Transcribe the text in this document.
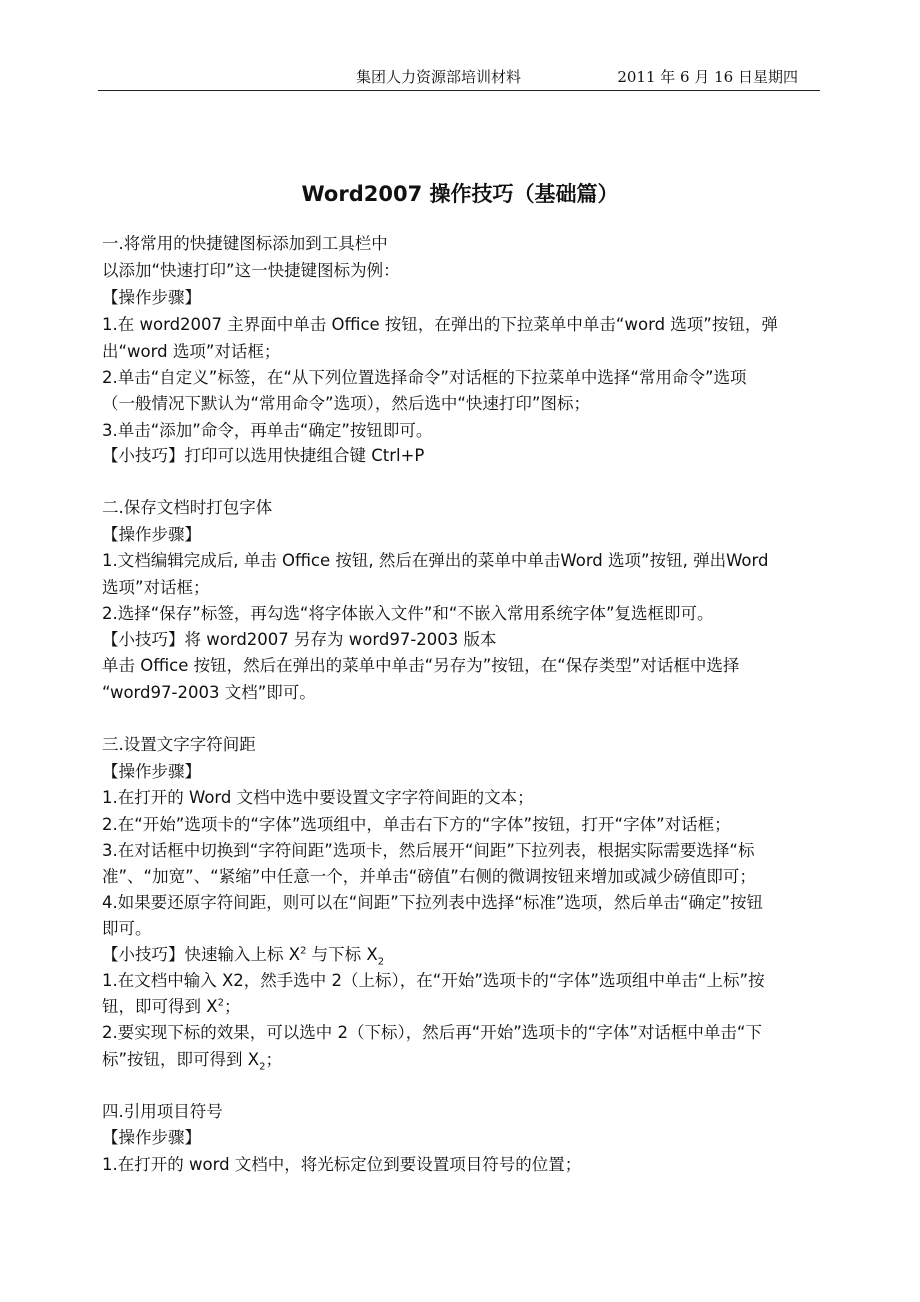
集团人力资源部培训材料	2011 年 6 月 16 日星期四
Word2007 操作技巧（基础篇）
一.将常用的快捷键图标添加到工具栏中
以添加“快速打印”这一快捷键图标为例：
【操作步骤】
1.在 word2007 主界面中单击 Office 按钮，在弹出的下拉菜单中单击“word 选项”按钮，弹
出“word 选项”对话框；
2.单击“自定义”标签，在“从下列位置选择命令”对话框的下拉菜单中选择“常用命令”选项
（一般情况下默认为“常用命令”选项），然后选中“快速打印”图标；
3.单击“添加”命令，再单击“确定”按钮即可。
【小技巧】打印可以选用快捷组合键 Ctrl+P
二.保存文档时打包字体
【操作步骤】
1.文档编辑完成后, 单击 Office 按钮, 然后在弹出的菜单中单击Word 选项”按钮, 弹出Word
选项”对话框；
2.选择“保存”标签，再勾选“将字体嵌入文件”和“不嵌入常用系统字体”复选框即可。
【小技巧】将 word2007 另存为 word97-2003 版本
单击 Office 按钮，然后在弹出的菜单中单击“另存为”按钮，在“保存类型”对话框中选择
“word97-2003 文档”即可。
三.设置文字字符间距
【操作步骤】
1.在打开的 Word 文档中选中要设置文字字符间距的文本；
2.在“开始”选项卡的“字体”选项组中，单击右下方的“字体”按钮，打开“字体”对话框；
3.在对话框中切换到“字符间距”选项卡，然后展开“间距”下拉列表，根据实际需要选择“标
准”、“加宽”、“紧缩”中任意一个，并单击“磅值”右侧的微调按钮来增加或减少磅值即可；
4.如果要还原字符间距，则可以在“间距”下拉列表中选择“标准”选项，然后单击“确定”按钮
即可。
【小技巧】快速输入上标 $X^2$ 与下标 $X_2$
1.在文档中输入 X2，然手选中 2（上标），在“开始”选项卡的“字体”选项组中单击“上标”按
钮，即可得到 $X^2$；
2.要实现下标的效果，可以选中 2（下标），然后再“开始”选项卡的“字体”对话框中单击“下
标”按钮，即可得到 $X_2$；
四.引用项目符号
【操作步骤】
1.在打开的 word 文档中，将光标定位到要设置项目符号的位置；
